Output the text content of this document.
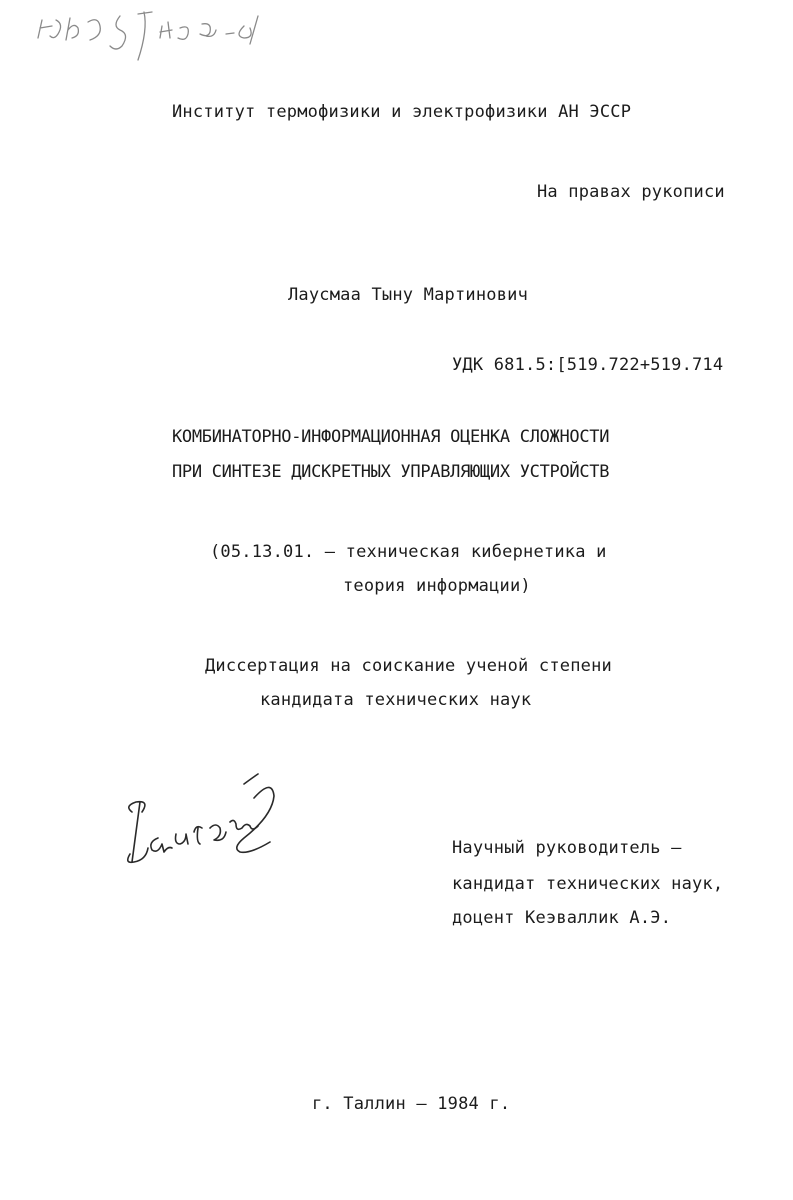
Институт термофизики и электрофизики АН ЭССР
На правах рукописи
Лаусмаа Тыну Мартинович
УДК 681.5:[519.722+519.714
КОМБИНАТОРНО-ИНФОРМАЦИОННАЯ ОЦЕНКА СЛОЖНОСТИ
ПРИ СИНТЕЗЕ ДИСКРЕТНЫХ УПРАВЛЯЮЩИХ УСТРОЙСТВ
(05.13.01. – техническая кибернетика и
теория информации)
Диссертация на соискание ученой степени
кандидата технических наук
Научный руководитель –
кандидат технических наук,
доцент Кеэваллик А.Э.
г. Таллин – 1984 г.
